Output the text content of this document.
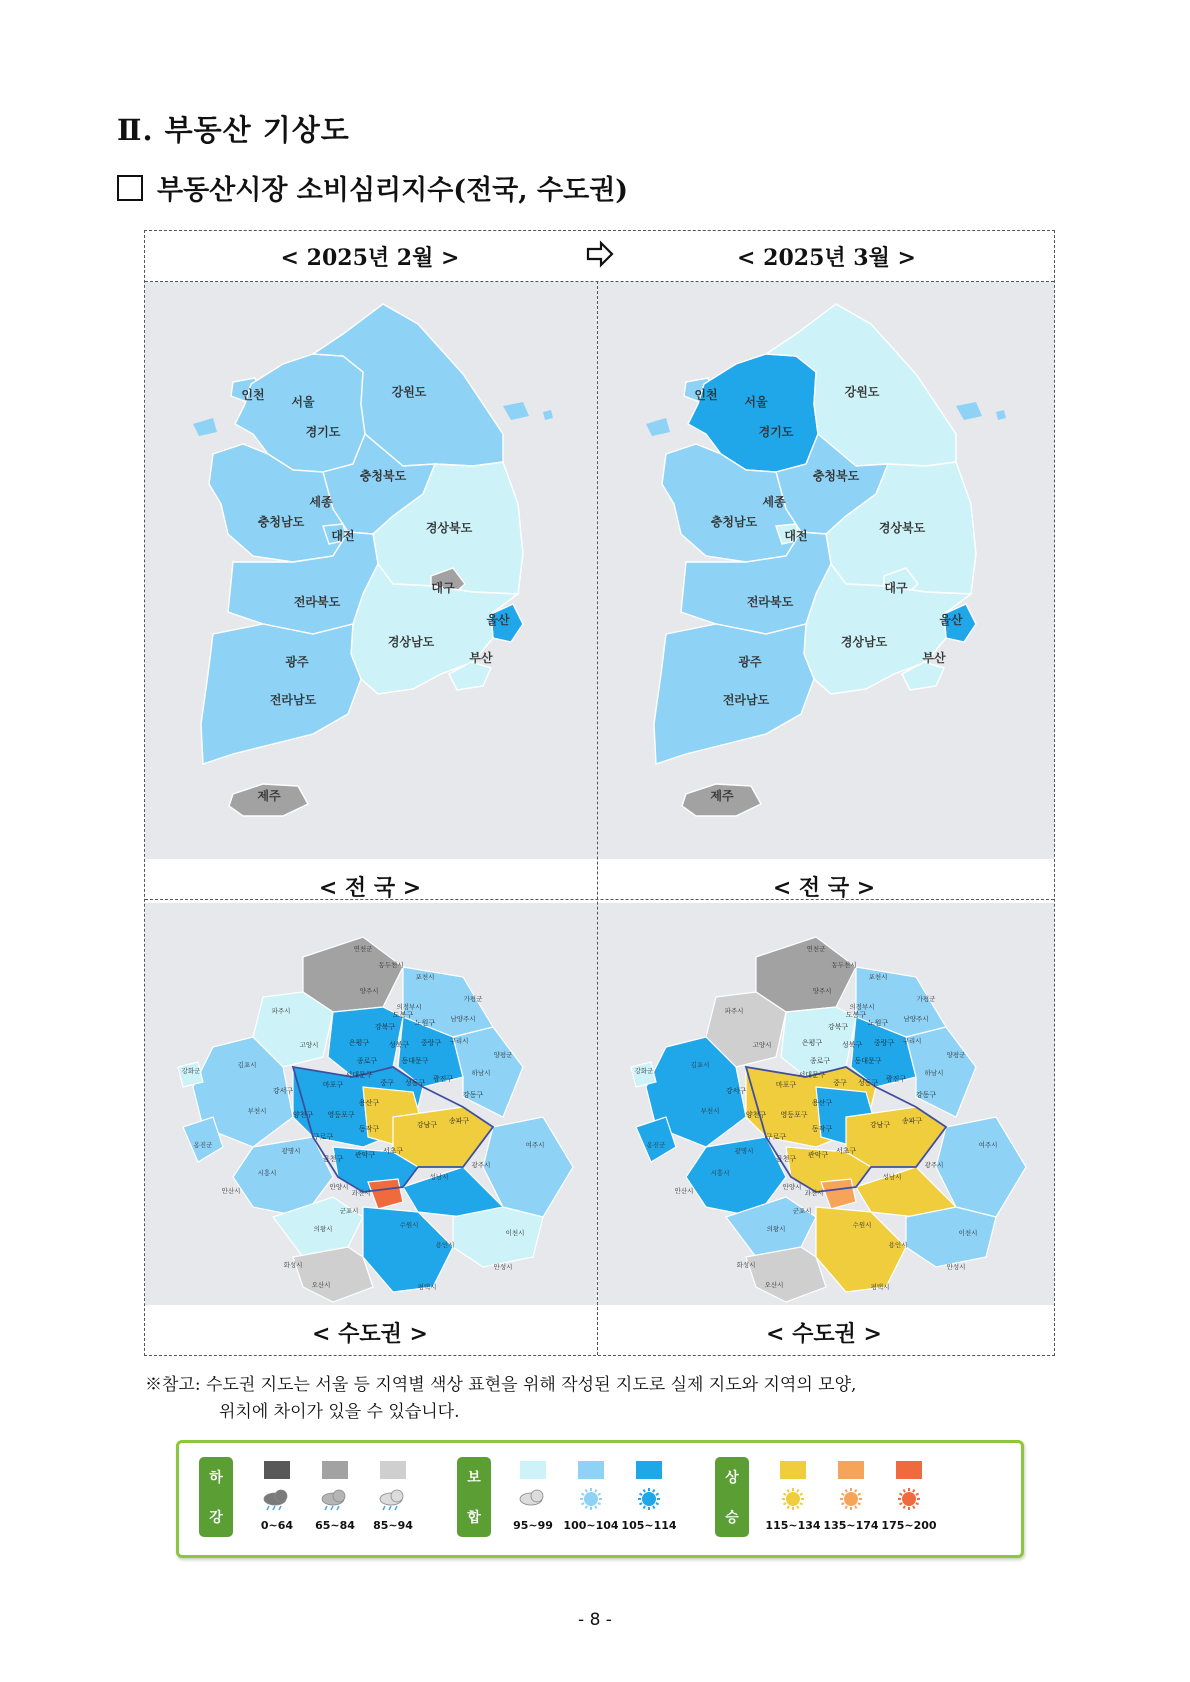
Ⅱ. 부동산 기상도
부동산시장 소비심리지수(전국, 수도권)
< 2025년 2월 >	< 2025년 3월 >
인천 서울
경기도
강원도
충청북도
세종
충청남도
대전
경상북도
대구
울산
전라북도
경상남도
부산
광주
전라남도
제주
인천 서울
경기도
강원도
충청북도
세종
충청남도
대전
경상북도
대구
울산
전라북도
경상남도
부산
광주
전라남도
제주
< 전 국 >	< 전 국 >
도봉구
강북구	노원구
은평구	성북구 중랑구
종로구	동대문구
서대문구
마포구	중구 성동구 광진구
강서구
용산구
영등포구
양천구
동작구
구로구
서초구
강남구 송파구
강동구
관악구
금천구
연천군
포천시
동두천시
양주시
가평군
파주시	의정부시
남양주시
고양시	구리시
양평군
김포시
하남시
부천시
광명시
시흥시
안산시	과천시
성남시
광주시
여주시
군포시
의왕시
안양시
수원시
용인시
이천시
화성시
오산시	평택시
안성시
강화군
옹진군
도봉구
강북구	노원구
은평구	성북구 중랑구
종로구	동대문구
서대문구
마포구	중구 성동구 광진구
강서구
용산구
영등포구
양천구
동작구
구로구
서초구
강남구 송파구
강동구
관악구
금천구
연천군
포천시
동두천시
양주시
가평군
파주시	의정부시
남양주시
고양시	구리시
양평군
김포시
하남시
부천시
광명시
시흥시
안산시	과천시
성남시
광주시
여주시
군포시
의왕시
안양시
수원시
용인시
이천시
화성시
오산시	평택시
안성시
강화군
옹진군
< 수도권 >	< 수도권 >
※참고: 수도권 지도는 서울 등 지역별 색상 표현을 위해 작성된 지도로 실제 지도와 지역의 모양,
위치에 차이가 있을 수 있습니다.
하
강	0~64	65~84	85~94
보
합	95~99 100~104 105~114
상
승 115~134 135~174 175~200
- 8 -
